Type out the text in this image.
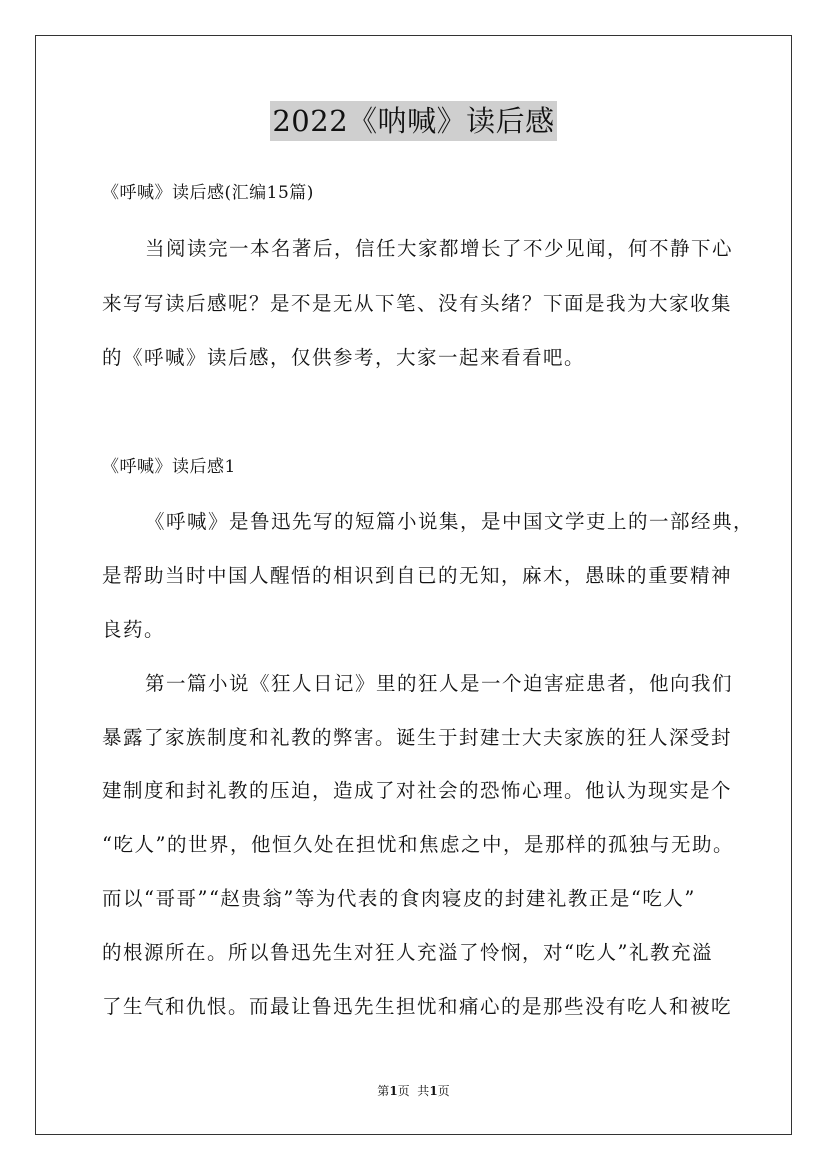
2022《呐喊》读后感
《呼喊》读后感(汇编15篇)
当阅读完一本名著后，信任大家都增长了不少见闻，何不静下心
来写写读后感呢？是不是无从下笔、没有头绪？下面是我为大家收集
的《呼喊》读后感，仅供参考，大家一起来看看吧。
《呼喊》读后感1
《呼喊》是鲁迅先写的短篇小说集，是中国文学吏上的一部经典，
是帮助当时中国人醒悟的相识到自已的无知，麻木，愚昧的重要精神
良药。
第一篇小说《狂人日记》里的狂人是一个迫害症患者，他向我们
暴露了家族制度和礼教的弊害。诞生于封建士大夫家族的狂人深受封
建制度和封礼教的压迫，造成了对社会的恐怖心理。他认为现实是个
“吃人”的世界，他恒久处在担忧和焦虑之中，是那样的孤独与无助。
而以“哥哥”“赵贵翁”等为代表的食肉寝皮的封建礼教正是“吃人”
的根源所在。所以鲁迅先生对狂人充溢了怜悯，对“吃人”礼教充溢
了生气和仇恨。而最让鲁迅先生担忧和痛心的是那些没有吃人和被吃
第1页  共1页
